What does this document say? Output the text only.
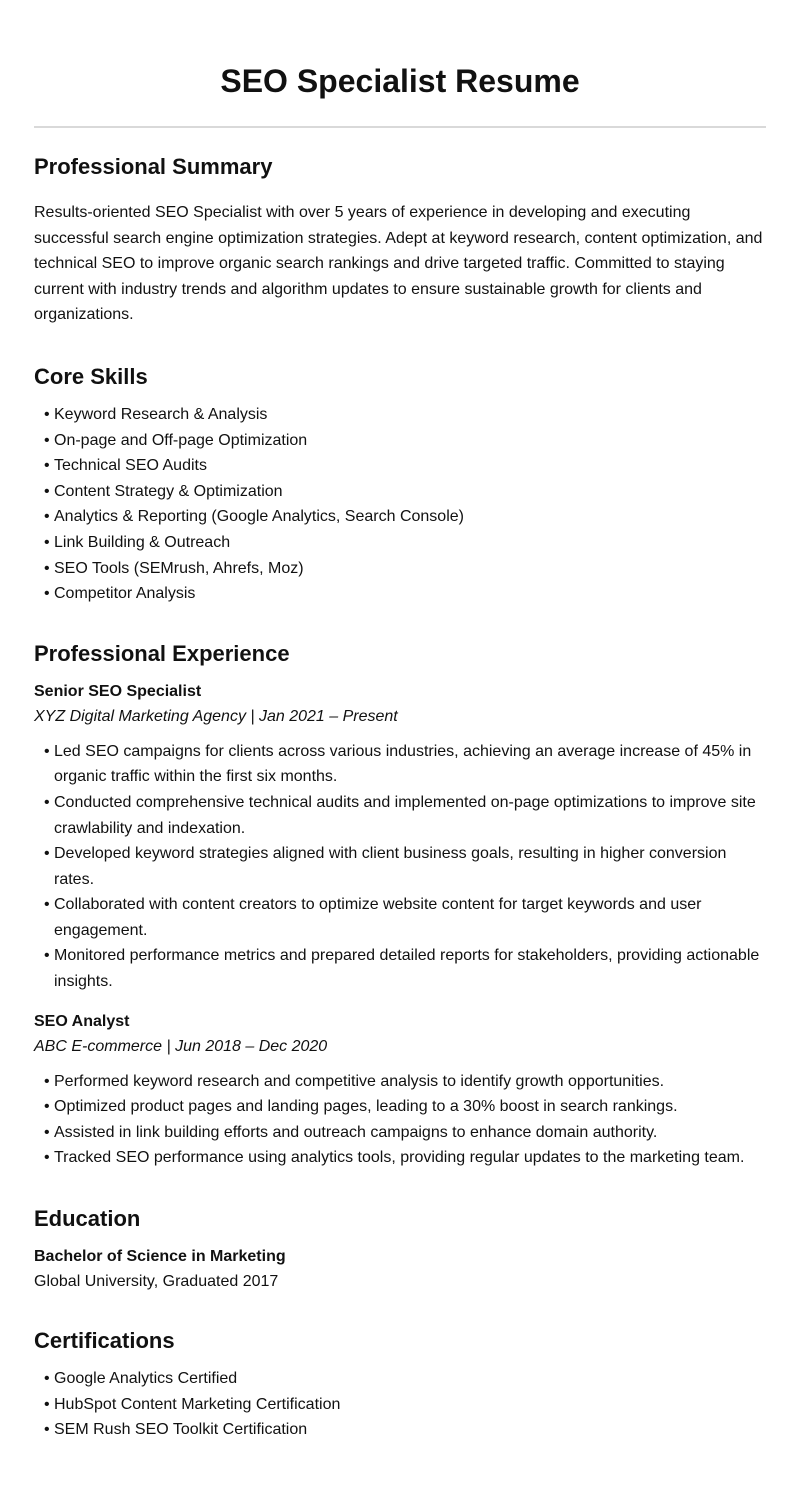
SEO Specialist Resume
Professional Summary

Results-oriented SEO Specialist with over 5 years of experience in developing and executing successful search engine optimization strategies. Adept at keyword research, content optimization, and technical SEO to improve organic search rankings and drive targeted traffic. Committed to staying current with industry trends and algorithm updates to ensure sustainable growth for clients and organizations.

Core Skills
• Keyword Research & Analysis
• On-page and Off-page Optimization
• Technical SEO Audits
• Content Strategy & Optimization
• Analytics & Reporting (Google Analytics, Search Console)
• Link Building & Outreach
• SEO Tools (SEMrush, Ahrefs, Moz)
• Competitor Analysis
Professional Experience
Senior SEO Specialist
XYZ Digital Marketing Agency | Jan 2021 – Present
• Led SEO campaigns for clients across various industries, achieving an average increase of 45% in organic traffic within the first six months.
• Conducted comprehensive technical audits and implemented on-page optimizations to improve site crawlability and indexation.
• Developed keyword strategies aligned with client business goals, resulting in higher conversion rates.
• Collaborated with content creators to optimize website content for target keywords and user engagement.
• Monitored performance metrics and prepared detailed reports for stakeholders, providing actionable insights.
SEO Analyst
ABC E-commerce | Jun 2018 – Dec 2020
• Performed keyword research and competitive analysis to identify growth opportunities.
• Optimized product pages and landing pages, leading to a 30% boost in search rankings.
• Assisted in link building efforts and outreach campaigns to enhance domain authority.
• Tracked SEO performance using analytics tools, providing regular updates to the marketing team.
Education
Bachelor of Science in Marketing
Global University, Graduated 2017
Certifications
• Google Analytics Certified
• HubSpot Content Marketing Certification
• SEM Rush SEO Toolkit Certification
